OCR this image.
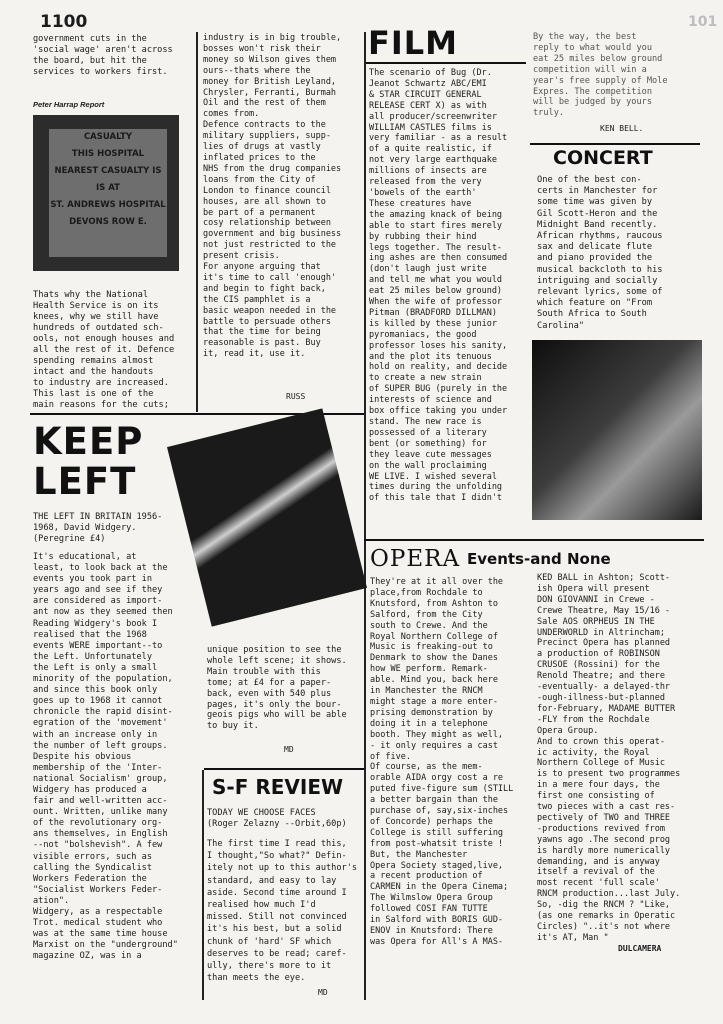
1100	101
government cuts in the
'social wage' aren't across
the board, but hit the
services to workers first.
Peter Harrap Report
CASUALTY
THIS HOSPITAL
NEAREST CASUALTY IS
IS AT
ST. ANDREWS HOSPITAL
DEVONS ROW E.
Thats why the National
Health Service is on its
knees, why we still have
hundreds of outdated sch-
ools, not enough houses and
all the rest of it. Defence
spending remains almost
intact and the handouts
to industry are increased.
This last is one of the
main reasons for the cuts;
industry is in big trouble,
bosses won't risk their
money so Wilson gives them
ours--thats where the
money for British Leyland,
Chrysler, Ferranti, Burmah
Oil and the rest of them
comes from.
Defence contracts to the
military suppliers, supp-
lies of drugs at vastly
inflated prices to the
NHS from the drug companies
loans from the City of
London to finance council
houses, are all shown to
be part of a permanent
cosy relationship between
government and big business
not just restricted to the
present crisis.
For anyone arguing that
it's time to call 'enough'
and begin to fight back,
the CIS pamphlet is a
basic weapon needed in the
battle to persuade others
that the time for being
reasonable is past. Buy
it, read it, use it.
RUSS
FILM
The scenario of Bug (Dr.
Jeanot Schwartz ABC/EMI
& STAR CIRCUIT GENERAL
RELEASE CERT X) as with
all producer/screenwriter
WILLIAM CASTLES films is
very familiar - as a result
of a quite realistic, if
not very large earthquake
millions of insects are
released from the very
'bowels of the earth'
These creatures have
the amazing knack of being
able to start fires merely
by rubbing their hind
legs together. The result-
ing ashes are then consumed
(don't laugh just write
and tell me what you would
eat 25 miles below ground)
When the wife of professor
Pitman (BRADFORD DILLMAN)
is killed by these junior
pyromaniacs, the good
professor loses his sanity,
and the plot its tenuous
hold on reality, and decide
to create a new strain
of SUPER BUG (purely in the
interests of science and
box office taking you under
stand. The new race is
possessed of a literary
bent (or something) for
they leave cute messages
on the wall proclaiming
WE LIVE. I wished several
times during the unfolding
of this tale that I didn't
By the way, the best
reply to what would you
eat 25 miles below ground
competition will win a
year's free supply of Mole
Expres. The competition
will be judged by yours
truly.
KEN BELL.
CONCERT
One of the best con-
certs in Manchester for
some time was given by
Gil Scott-Heron and the
Midnight Band recently.
African rhythms, raucous
sax and delicate flute
and piano provided the
musical backcloth to his
intriguing and socially
relevant lyrics, some of
which feature on "From
South Africa to South
Carolina"
KEEP
LEFT
THE LEFT IN BRITAIN 1956-
1968, David Widgery.
(Peregrine £4)
It's educational, at
least, to look back at the
events you took part in
years ago and see if they
are considered as import-
ant now as they seemed then
Reading Widgery's book I
realised that the 1968
events WERE important--to
the Left. Unfortunately
the Left is only a small
minority of the population,
and since this book only
goes up to 1968 it cannot
chronicle the rapid disint-
egration of the 'movement'
with an increase only in
the number of left groups.
Despite his obvious
membership of the 'Inter-
national Socialism' group,
Widgery has produced a
fair and well-written acc-
ount. Written, unlike many
of the revolutionary org-
ans themselves, in English
--not "bolshevish". A few
visible errors, such as
calling the Syndicalist
Workers Federation the
"Socialist Workers Feder-
ation".
Widgery, as a respectable
Trot. medical student who
was at the same time house
Marxist on the "underground"
magazine OZ, was in a
unique position to see the
whole left scene; it shows.
Main trouble with this
tome; at £4 for a paper-
back, even with 540 plus
pages, it's only the bour-
geois pigs who will be able
to buy it.
MD
S-F REVIEW
TODAY WE CHOOSE FACES
(Roger Zelazny --Orbit,60p)
The first time I read this,
I thought,"So what?" Defin-
itely not up to this author's
standard, and easy to lay
aside. Second time around I
realised how much I'd
missed. Still not convinced
it's his best, but a solid
chunk of 'hard' SF which
deserves to be read; caref-
ully, there's more to it
than meets the eye.
MD
OPERA Events-and None
They're at it all over the
place,from Rochdale to
Knutsford, from Ashton to
Salford, from the City
south to Crewe. And the
Royal Northern College of
Music is freaking-out to
Denmark to show the Danes
how WE perform. Remark-
able. Mind you, back here
in Manchester the RNCM
might stage a more enter-
prising demonstration by
doing it in a telephone
booth. They might as well,
- it only requires a cast
of five.
Of course, as the mem-
orable AIDA orgy cost a re
puted five-figure sum (STILL
a better bargain than the
purchase of, say,six-inches
of Concorde) perhaps the
College is still suffering
from post-whatsit triste !
But, the Manchester
Opera Society staged,live,
a recent production of
CARMEN in the Opera Cinema;
The Wilmslow Opera Group
followed COSI FAN TUTTE
in Salford with BORIS GUD-
ENOV in Knutsford: There
was Opera for All's A MAS-
KED BALL in Ashton; Scott-
ish Opera will present
DON GIOVANNI in Crewe -
Crewe Theatre, May 15/16 -
Sale AOS ORPHEUS IN THE
UNDERWORLD in Altrincham;
Precinct Opera has planned
a production of ROBINSON
CRUSOE (Rossini) for the
Renold Theatre; and there
-eventually- a delayed-thr
-ough-illness-but-planned
for-February, MADAME BUTTER
-FLY from the Rochdale
Opera Group.
And to crown this operat-
ic activity, the Royal
Northern College of Music
is to present two programmes
in a mere four days, the
first one consisting of
two pieces with a cast res-
pectively of TWO and THREE
-productions revived from
yawns ago .The second prog
is hardly more numerically
demanding, and is anyway
itself a revival of the
most recent 'full scale'
RNCM production...last July.
So, -dig the RNCM ? "Like,
(as one remarks in Operatic
Circles) "..it's not where
it's AT, Man "
DULCAMERA
